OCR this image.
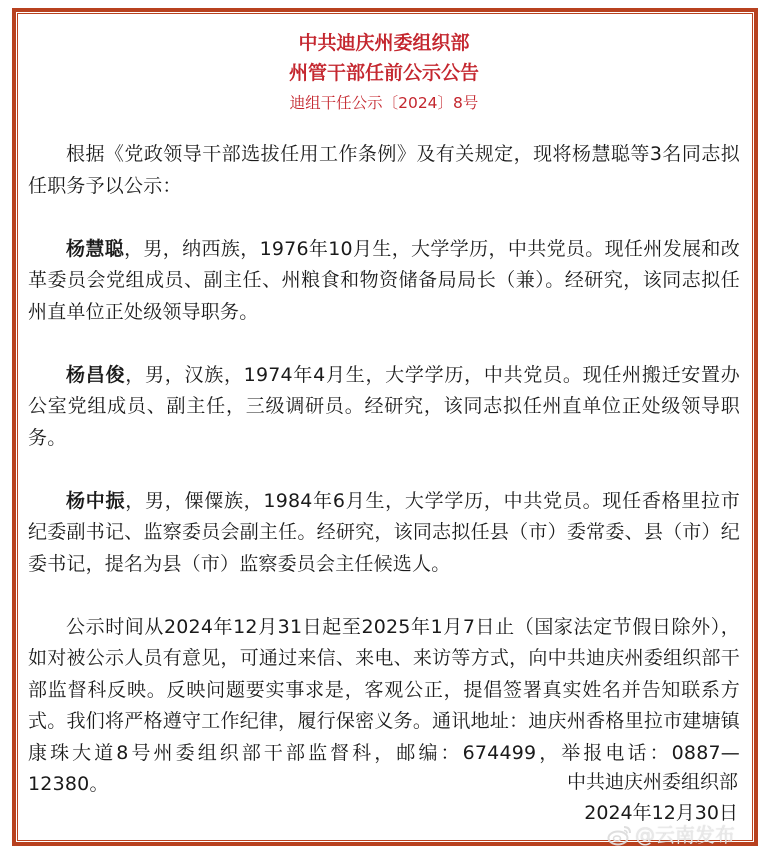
中共迪庆州委组织部
州管干部任前公示公告
迪组干任公示〔2024〕8号

根据《党政领导干部选拔任用工作条例》及有关规定，现将杨慧聪等3名同志拟任职务予以公示：

杨慧聪，男，纳西族，1976年10月生，大学学历，中共党员。现任州发展和改革委员会党组成员、副主任、州粮食和物资储备局局长（兼）。经研究，该同志拟任州直单位正处级领导职务。

杨昌俊，男，汉族，1974年4月生，大学学历，中共党员。现任州搬迁安置办公室党组成员、副主任，三级调研员。经研究，该同志拟任州直单位正处级领导职务。

杨中振，男，傈僳族，1984年6月生，大学学历，中共党员。现任香格里拉市纪委副书记、监察委员会副主任。经研究，该同志拟任县（市）委常委、县（市）纪委书记，提名为县（市）监察委员会主任候选人。

公示时间从2024年12月31日起至2025年1月7日止（国家法定节假日除外），如对被公示人员有意见，可通过来信、来电、来访等方式，向中共迪庆州委组织部干部监督科反映。反映问题要实事求是，客观公正，提倡签署真实姓名并告知联系方式。我们将严格遵守工作纪律，履行保密义务。通讯地址：迪庆州香格里拉市建塘镇康珠大道8号州委组织部干部监督科，邮编：674499，举报电话：0887—12380。	中共迪庆州委组织部
2024年12月30日
@云南发布
